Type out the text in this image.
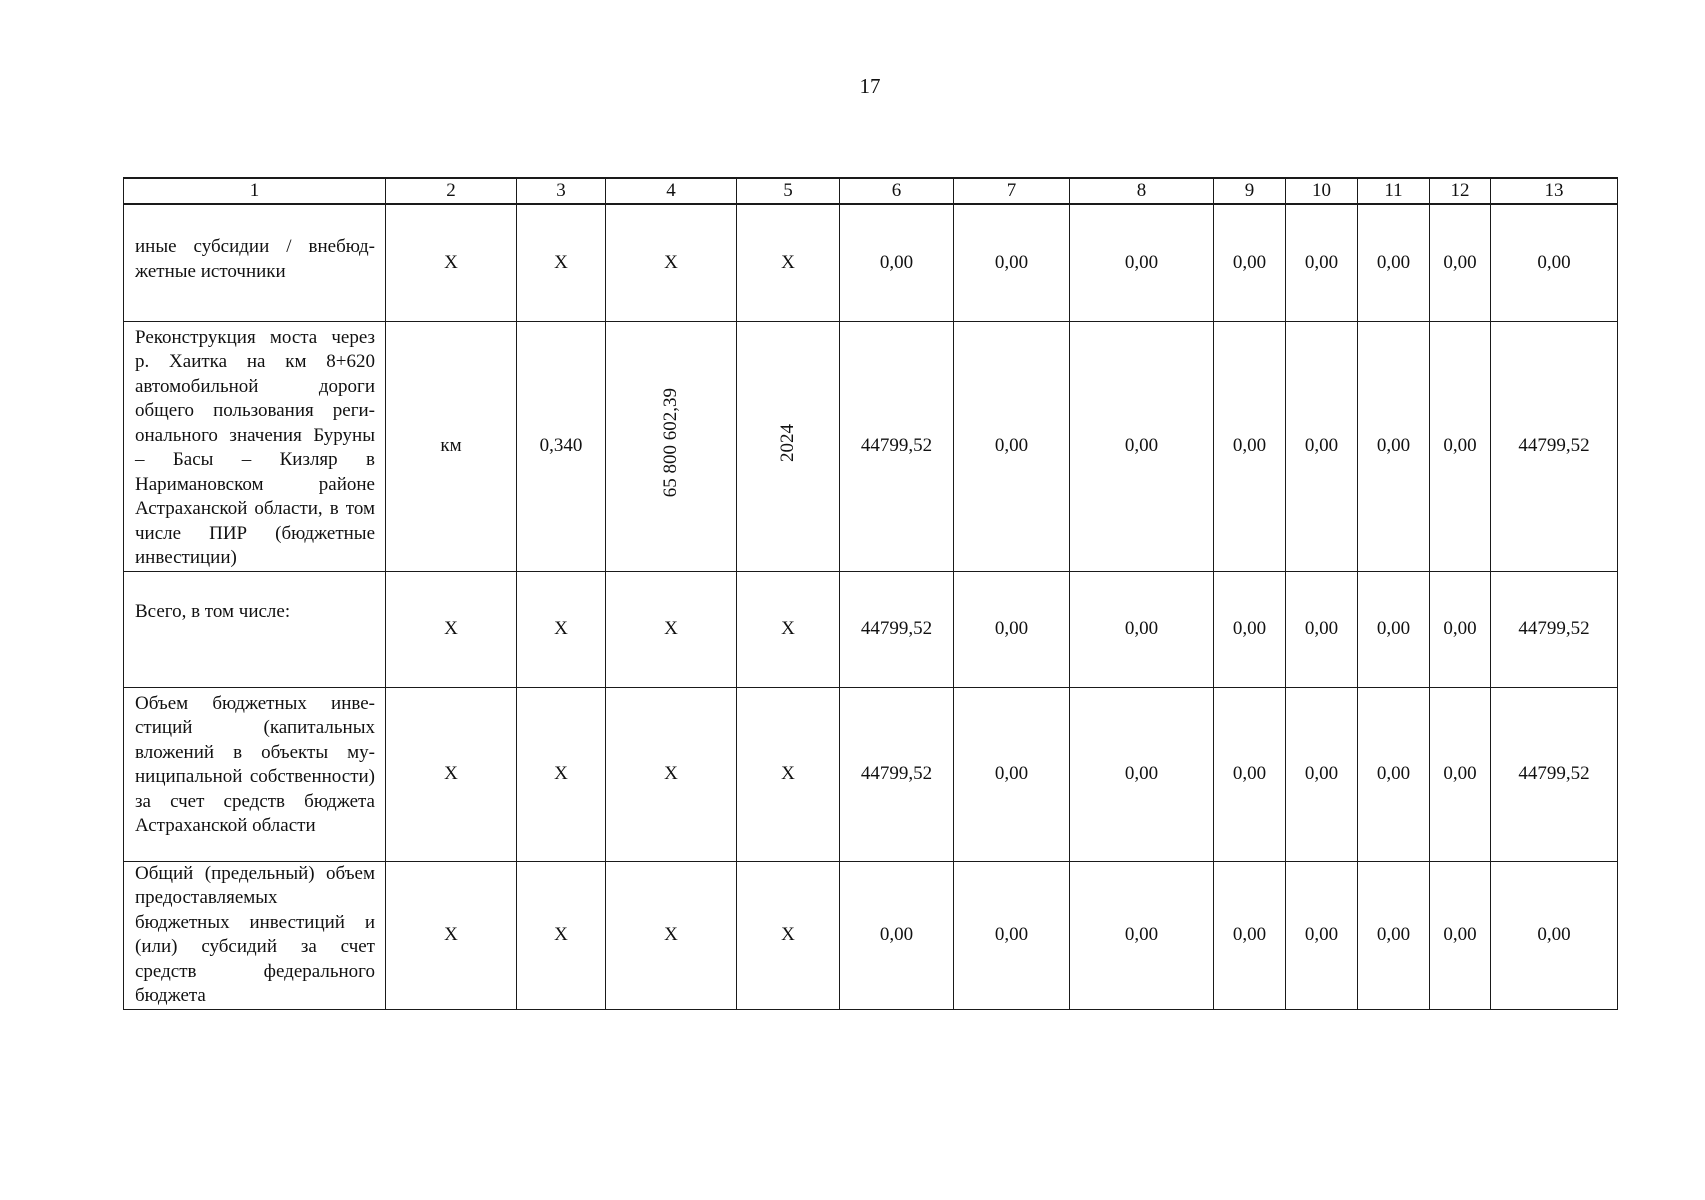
17
1	2	3	4	5	6	7	8	9	10	11	12	13
иные субсидии / внебюджетные источники	Х	Х	Х	Х	0,00	0,00	0,00	0,00	0,00	0,00	0,00	0,00
Реконструкция моста через р. Хаитка на км 8+620 автомобильной дороги общего пользования регионального значения Буруны – Басы – Кизляр в Наримановском районе Астраханской области, в том числе ПИР (бюджетные инвестиции)	км	0,340	65 800 602,39	2024	44799,52	0,00	0,00	0,00	0,00	0,00	0,00	44799,52
Всего, в том числе:	Х	Х	Х	Х	44799,52	0,00	0,00	0,00	0,00	0,00	0,00	44799,52
Объем бюджетных инвестиций (капитальных вложений в объекты муниципальной собственности) за счет средств бюджета Астраханской области	Х	Х	Х	Х	44799,52	0,00	0,00	0,00	0,00	0,00	0,00	44799,52
Общий (предельный) объем предоставляемых бюджетных инвестиций и (или) субсидий за счет средств федерального бюджета	Х	Х	Х	Х	0,00	0,00	0,00	0,00	0,00	0,00	0,00	0,00
